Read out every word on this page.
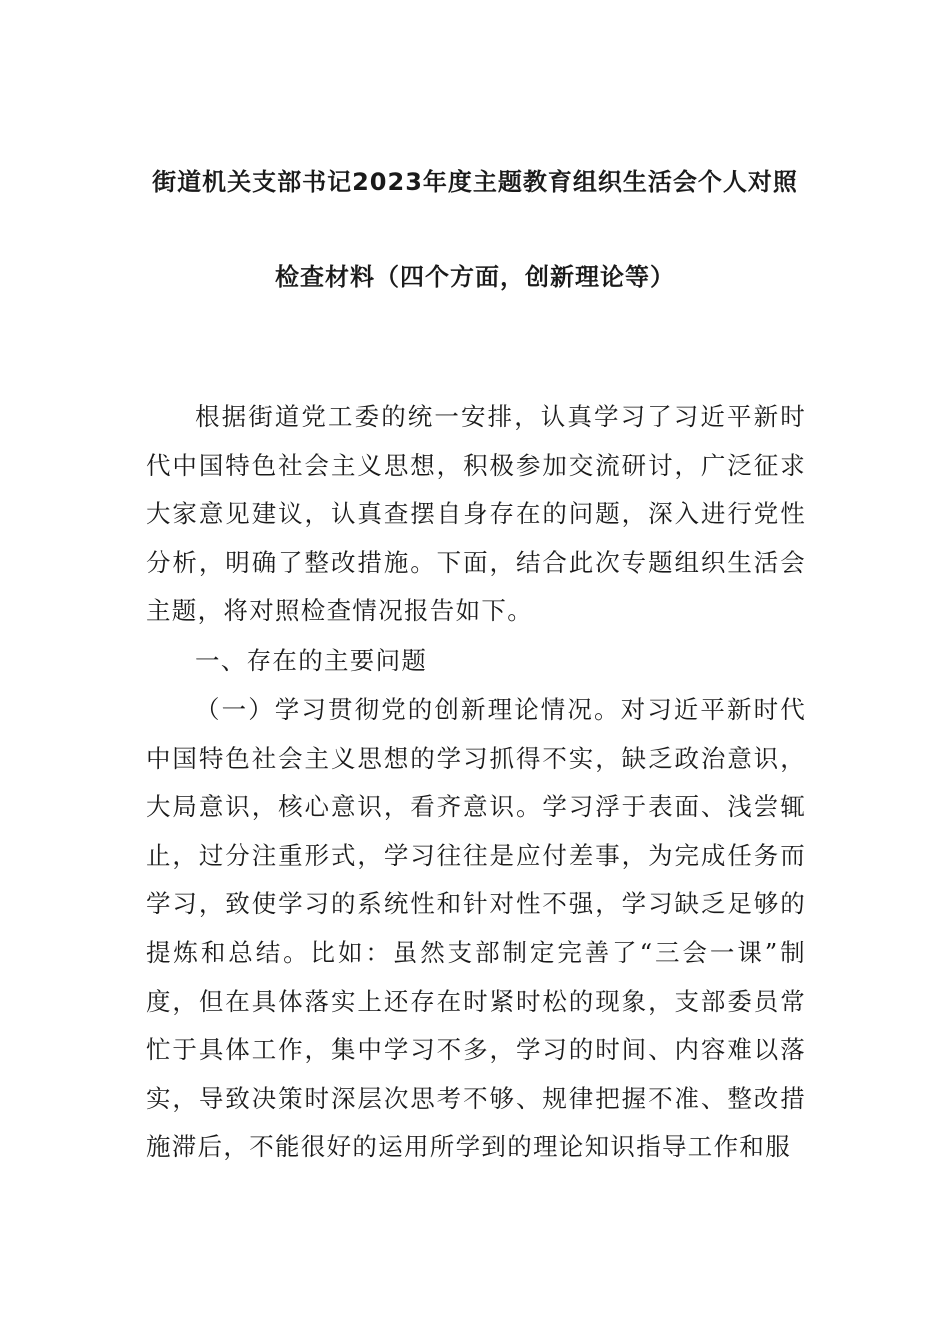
街道机关支部书记2023年度主题教育组织生活会个人对照
检查材料（四个方面，创新理论等）

根据街道党工委的统一安排，认真学习了习近平新时代中国特色社会主义思想，积极参加交流研讨，广泛征求大家意见建议，认真查摆自身存在的问题，深入进行党性分析，明确了整改措施。下面，结合此次专题组织生活会主题，将对照检查情况报告如下。

一、存在的主要问题

（一）学习贯彻党的创新理论情况。对习近平新时代中国特色社会主义思想的学习抓得不实，缺乏政治意识，大局意识，核心意识，看齐意识。学习浮于表面、浅尝辄止，过分注重形式，学习往往是应付差事，为完成任务而学习，致使学习的系统性和针对性不强，学习缺乏足够的提炼和总结。比如：虽然支部制定完善了“三会一课”制度，但在具体落实上还存在时紧时松的现象，支部委员常忙于具体工作，集中学习不多，学习的时间、内容难以落实，导致决策时深层次思考不够、规律把握不准、整改措施滞后，不能很好的运用所学到的理论知识指导工作和服
